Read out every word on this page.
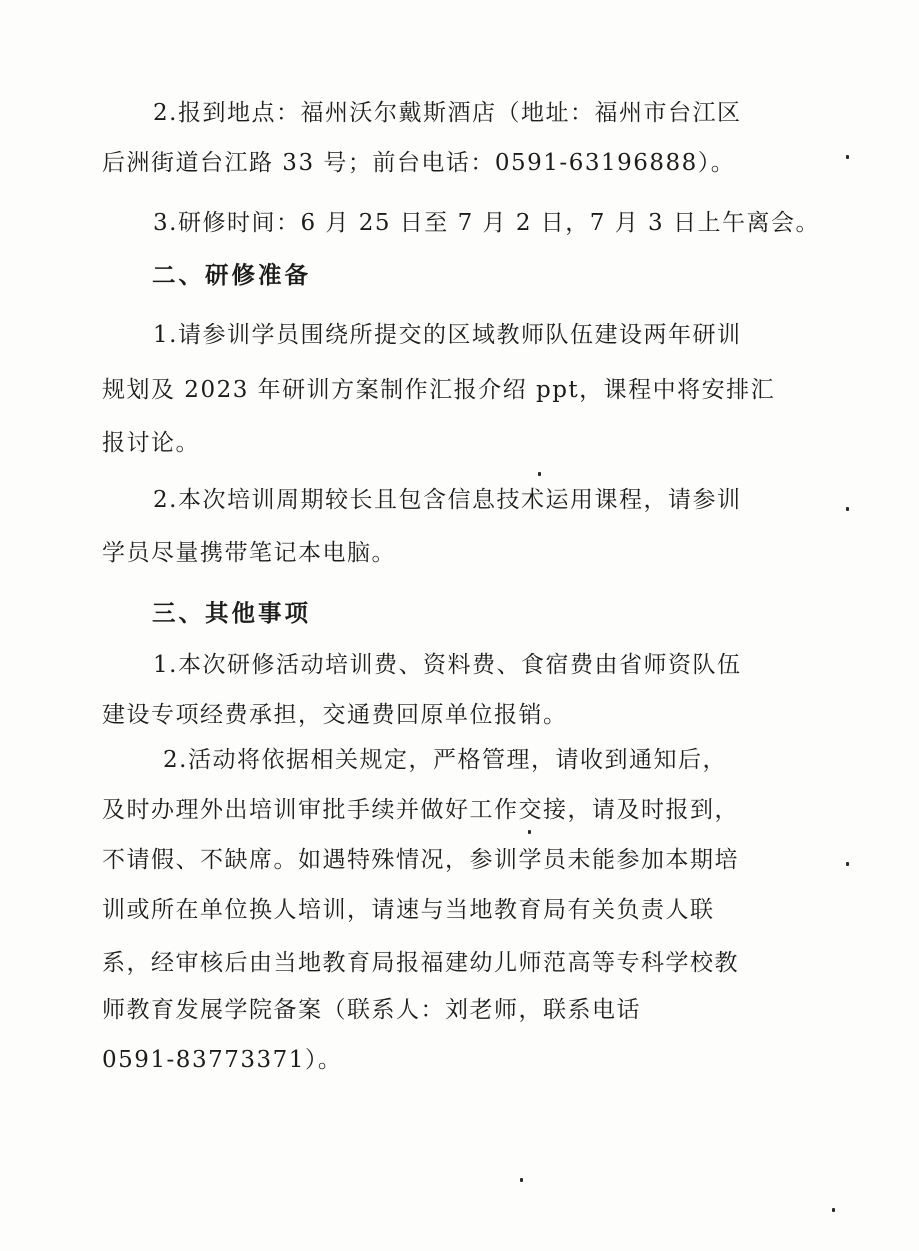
2.报到地点：福州沃尔戴斯酒店（地址：福州市台江区
后洲街道台江路 33 号；前台电话：0591-63196888）。
3.研修时间：6 月 25 日至 7 月 2 日，7 月 3 日上午离会。
二、研修准备
1.请参训学员围绕所提交的区域教师队伍建设两年研训
规划及 2023 年研训方案制作汇报介绍 ppt，课程中将安排汇
报讨论。
2.本次培训周期较长且包含信息技术运用课程，请参训
学员尽量携带笔记本电脑。
三、其他事项
1.本次研修活动培训费、资料费、食宿费由省师资队伍
建设专项经费承担，交通费回原单位报销。
2.活动将依据相关规定，严格管理，请收到通知后，
及时办理外出培训审批手续并做好工作交接，请及时报到，
不请假、不缺席。如遇特殊情况，参训学员未能参加本期培
训或所在单位换人培训，请速与当地教育局有关负责人联
系，经审核后由当地教育局报福建幼儿师范高等专科学校教
师教育发展学院备案（联系人：刘老师，联系电话
0591-83773371）。
